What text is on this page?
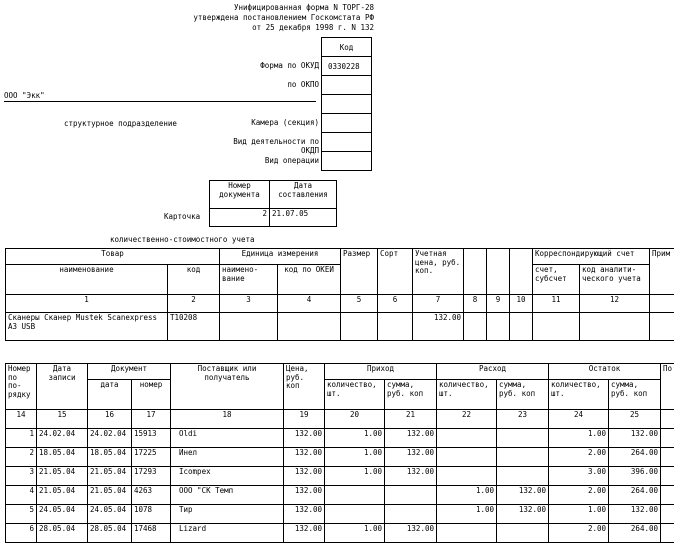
Унифицированная форма N ТОРГ-28
утверждена постановлением Госкомстата РФ
от 25 декабря 1998 г. N 132
Код
0330228
Форма по ОКУД
по ОКПО
Камера (секция)
Вид деятельности по
ОКДП
Вид операции
ООО "Экк"
структурное подразделение
Номер документа	Дата составления
2	21.07.05
Карточка
количественно-стоимостного учета
Товар		Единица измерения		Размер	Сорт	Учетная цена, руб. коп.				Корреспондирующий счет		Прим
наименование	код	наимено-вание	код по ОКЕИ							счет, субсчет	код аналити-ческого учета	
1	2	3	4	5	6	7	8	9	10	11	12	
Сканеры Сканер Mustek Scanexpress A3 USB	T10208					132.00						
Номер по по-рядку	Дата записи	Документ		Поставщик или получатель	Цена, руб. коп	Приход		Расход		Остаток		По
		дата	номер			количество, шт.	сумма, руб. коп	количество, шт.	сумма, руб. коп	количество, шт.	сумма, руб. коп	
14	15	16	17	18	19	20	21	22	23	24	25	
1	24.02.04	24.02.04	15913	Oldi	132.00	1.00	132.00			1.00	132.00	
2	18.05.04	18.05.04	17225	Инел	132.00	1.00	132.00			2.00	264.00	
3	21.05.04	21.05.04	17293	Icompex	132.00	1.00	132.00			3.00	396.00	
4	21.05.04	21.05.04	4263	ООО "СК Темп	132.00			1.00	132.00	2.00	264.00	
5	24.05.04	24.05.04	1078	Тир	132.00			1.00	132.00	1.00	132.00	
6	28.05.04	28.05.04	17468	Lizard	132.00	1.00	132.00			2.00	264.00	
